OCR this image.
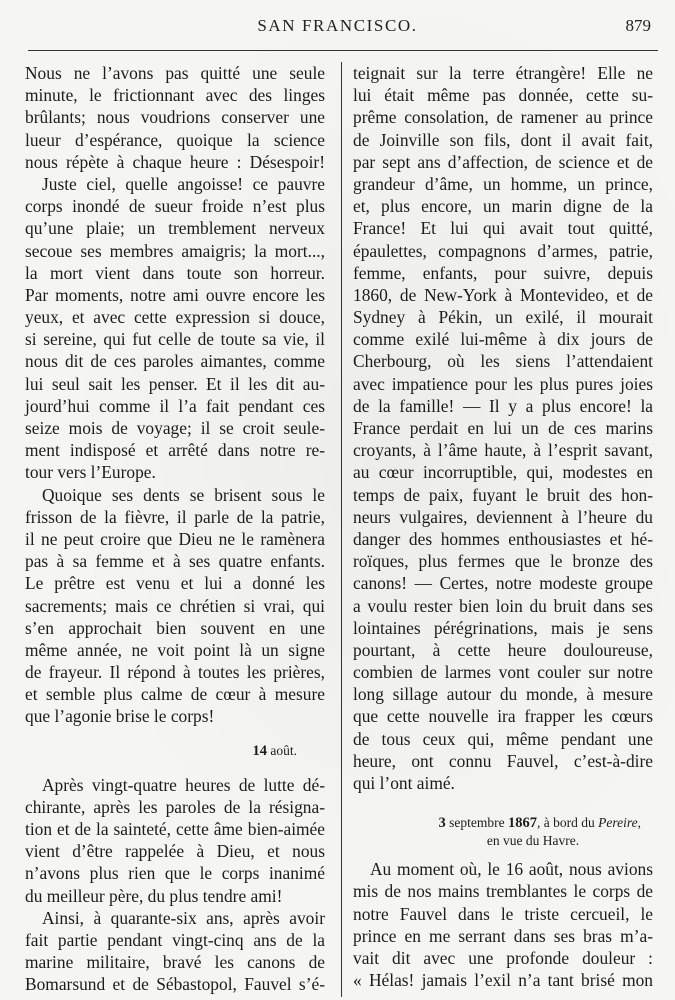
SAN FRANCISCO.	879
Nous ne l’avons pas quitté une seule
minute, le frictionnant avec des linges
brûlants; nous voudrions conserver une
lueur d’espérance, quoique la science
nous répète à chaque heure : Désespoir!
Juste ciel, quelle angoisse! ce pauvre
corps inondé de sueur froide n’est plus
qu’une plaie; un tremblement nerveux
secoue ses membres amaigris; la mort...,
la mort vient dans toute son horreur.
Par moments, notre ami ouvre encore les
yeux, et avec cette expression si douce,
si sereine, qui fut celle de toute sa vie, il
nous dit de ces paroles aimantes, comme
lui seul sait les penser. Et il les dit au-
jourd’hui comme il l’a fait pendant ces
seize mois de voyage; il se croit seule-
ment indisposé et arrêté dans notre re-
tour vers l’Europe.
Quoique ses dents se brisent sous le
frisson de la fièvre, il parle de la patrie,
il ne peut croire que Dieu ne le ramènera
pas à sa femme et à ses quatre enfants.
Le prêtre est venu et lui a donné les
sacrements; mais ce chrétien si vrai, qui
s’en approchait bien souvent en une
même année, ne voit point là un signe
de frayeur. Il répond à toutes les prières,
et semble plus calme de cœur à mesure
que l’agonie brise le corps!
14 août.
Après vingt-quatre heures de lutte dé-
chirante, après les paroles de la résigna-
tion et de la sainteté, cette âme bien-aimée
vient d’être rappelée à Dieu, et nous
n’avons plus rien que le corps inanimé
du meilleur père, du plus tendre ami!
Ainsi, à quarante-six ans, après avoir
fait partie pendant vingt-cinq ans de la
marine militaire, bravé les canons de
Bomarsund et de Sébastopol, Fauvel s’é-
teignait sur la terre étrangère! Elle ne
lui était même pas donnée, cette su-
prême consolation, de ramener au prince
de Joinville son fils, dont il avait fait,
par sept ans d’affection, de science et de
grandeur d’âme, un homme, un prince,
et, plus encore, un marin digne de la
France! Et lui qui avait tout quitté,
épaulettes, compagnons d’armes, patrie,
femme, enfants, pour suivre, depuis
1860, de New-York à Montevideo, et de
Sydney à Pékin, un exilé, il mourait
comme exilé lui-même à dix jours de
Cherbourg, où les siens l’attendaient
avec impatience pour les plus pures joies
de la famille! — Il y a plus encore! la
France perdait en lui un de ces marins
croyants, à l’âme haute, à l’esprit savant,
au cœur incorruptible, qui, modestes en
temps de paix, fuyant le bruit des hon-
neurs vulgaires, deviennent à l’heure du
danger des hommes enthousiastes et hé-
roïques, plus fermes que le bronze des
canons! — Certes, notre modeste groupe
a voulu rester bien loin du bruit dans ses
lointaines pérégrinations, mais je sens
pourtant, à cette heure douloureuse,
combien de larmes vont couler sur notre
long sillage autour du monde, à mesure
que cette nouvelle ira frapper les cœurs
de tous ceux qui, même pendant une
heure, ont connu Fauvel, c’est-à-dire
qui l’ont aimé.
3 septembre 1867, à bord du Pereire,
en vue du Havre.
Au moment où, le 16 août, nous avions
mis de nos mains tremblantes le corps de
notre Fauvel dans le triste cercueil, le
prince en me serrant dans ses bras m’a-
vait dit avec une profonde douleur :
« Hélas! jamais l’exil n’a tant brisé mon
